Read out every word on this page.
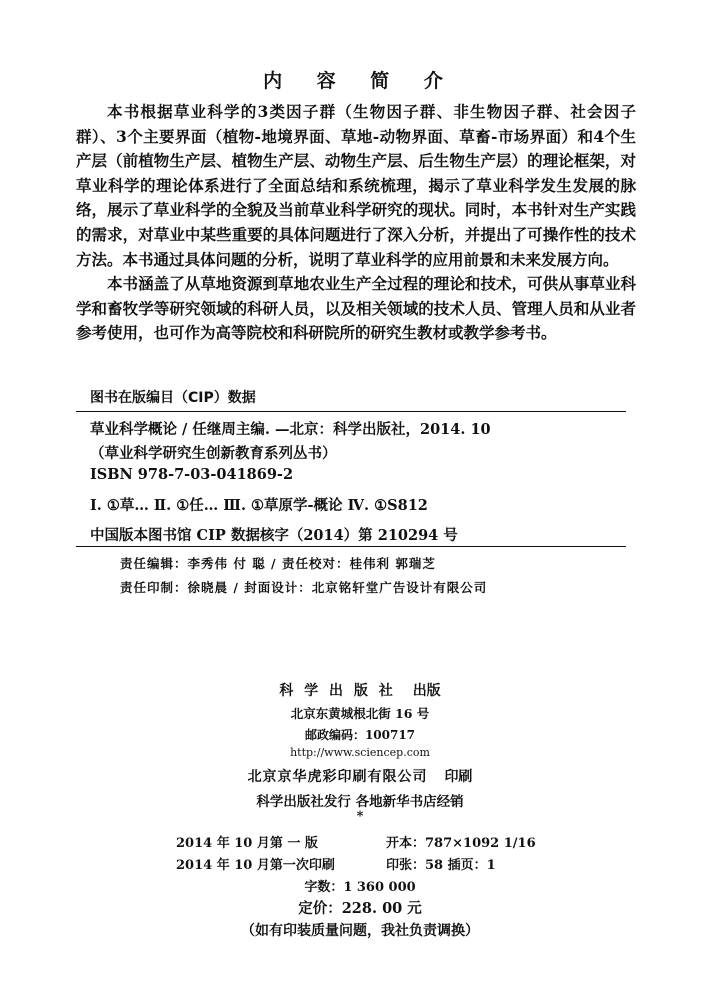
内 容 简 介

本书根据草业科学的3类因子群（生物因子群、非生物因子群、社会因子群）、3个主要界面（植物-地境界面、草地-动物界面、草畜-市场界面）和4个生产层（前植物生产层、植物生产层、动物生产层、后生物生产层）的理论框架，对草业科学的理论体系进行了全面总结和系统梳理，揭示了草业科学发生发展的脉络，展示了草业科学的全貌及当前草业科学研究的现状。同时，本书针对生产实践的需求，对草业中某些重要的具体问题进行了深入分析，并提出了可操作性的技术方法。本书通过具体问题的分析，说明了草业科学的应用前景和未来发展方向。

本书涵盖了从草地资源到草地农业生产全过程的理论和技术，可供从事草业科学和畜牧学等研究领域的科研人员，以及相关领域的技术人员、管理人员和从业者参考使用，也可作为高等院校和科研院所的研究生教材或教学参考书。

图书在版编目（CIP）数据
草业科学概论 / 任继周主编. —北京：科学出版社，2014. 10
（草业科学研究生创新教育系列丛书）
ISBN 978-7-03-041869-2
Ⅰ. ①草… Ⅱ. ①任… Ⅲ. ①草原学-概论 Ⅳ. ①S812
中国版本图书馆 CIP 数据核字（2014）第 210294 号
责任编辑：李秀伟 付 聪 / 责任校对：桂伟利 郭瑞芝
责任印制：徐晓晨 / 封面设计：北京铭轩堂广告设计有限公司
科 学 出 版 社 出版
北京东黄城根北街 16 号
邮政编码：100717
http://www.sciencep.com
北京京华虎彩印刷有限公司 印刷
科学出版社发行 各地新华书店经销
*
2014 年 10 月第 一 版	开本：787×1092 1/16
2014 年 10 月第一次印刷	印张：58 插页：1
字数：1 360 000
定价：228. 00 元
（如有印装质量问题，我社负责调换）
